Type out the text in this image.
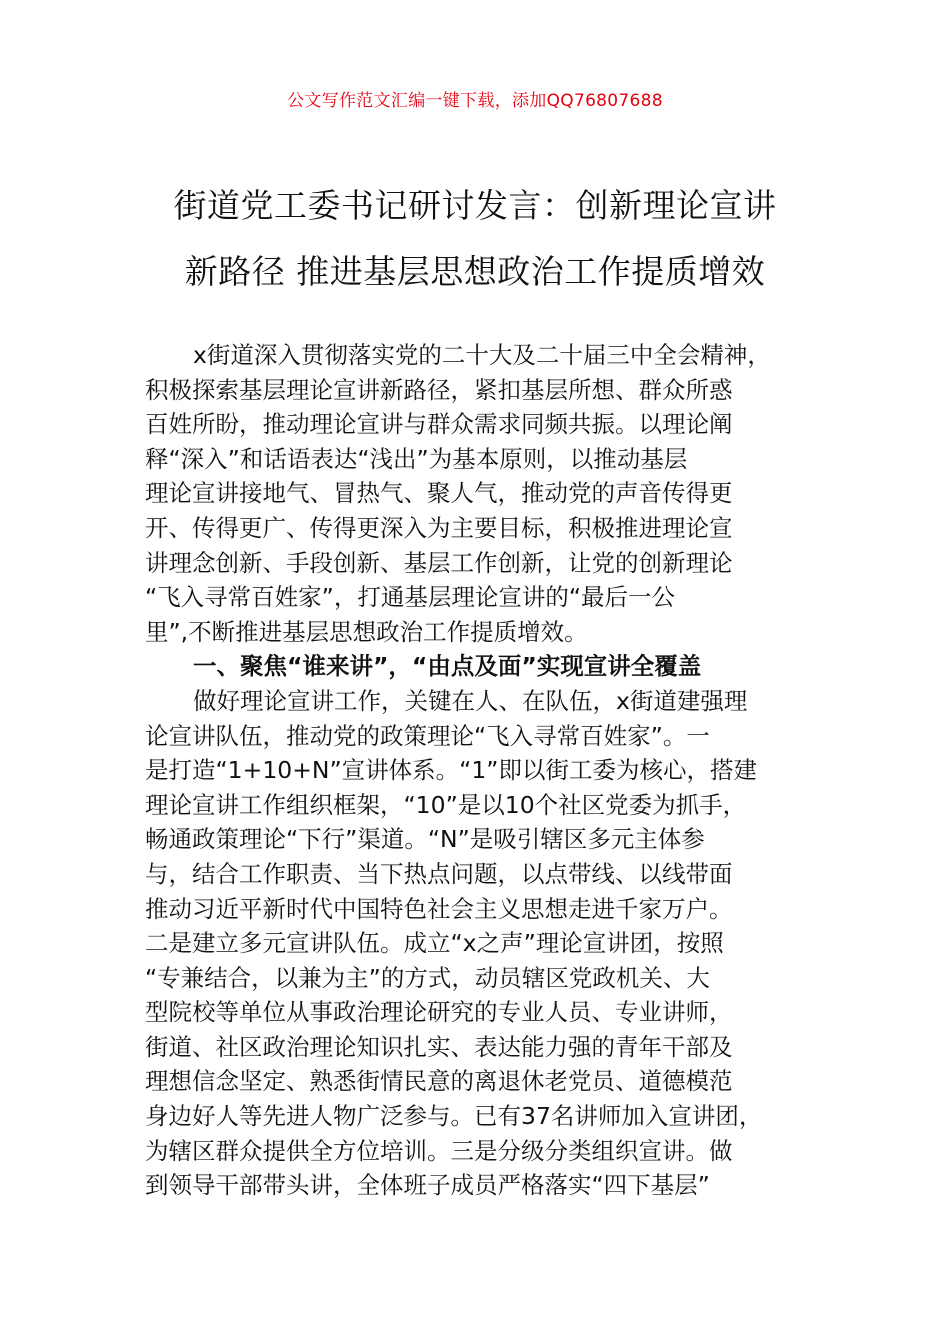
公文写作范文汇编一键下载，添加QQ76807688
街道党工委书记研讨发言：创新理论宣讲
新路径 推进基层思想政治工作提质增效
x街道深入贯彻落实党的二十大及二十届三中全会精神，
积极探索基层理论宣讲新路径，紧扣基层所想、群众所惑
百姓所盼，推动理论宣讲与群众需求同频共振。以理论阐
释“深入”和话语表达“浅出”为基本原则，以推动基层
理论宣讲接地气、冒热气、聚人气，推动党的声音传得更
开、传得更广、传得更深入为主要目标，积极推进理论宣
讲理念创新、手段创新、基层工作创新，让党的创新理论
“飞入寻常百姓家”，打通基层理论宣讲的“最后一公
里”,不断推进基层思想政治工作提质增效。
一、聚焦“谁来讲”，“由点及面”实现宣讲全覆盖
做好理论宣讲工作，关键在人、在队伍，x街道建强理
论宣讲队伍，推动党的政策理论“飞入寻常百姓家”。一
是打造“1+10+N”宣讲体系。“1”即以街工委为核心，搭建
理论宣讲工作组织框架，“10”是以10个社区党委为抓手，
畅通政策理论“下行”渠道。“N”是吸引辖区多元主体参
与，结合工作职责、当下热点问题，以点带线、以线带面
推动习近平新时代中国特色社会主义思想走进千家万户。
二是建立多元宣讲队伍。成立“x之声”理论宣讲团，按照
“专兼结合，以兼为主”的方式，动员辖区党政机关、大
型院校等单位从事政治理论研究的专业人员、专业讲师，
街道、社区政治理论知识扎实、表达能力强的青年干部及
理想信念坚定、熟悉街情民意的离退休老党员、道德模范
身边好人等先进人物广泛参与。已有37名讲师加入宣讲团，
为辖区群众提供全方位培训。三是分级分类组织宣讲。做
到领导干部带头讲，全体班子成员严格落实“四下基层”
